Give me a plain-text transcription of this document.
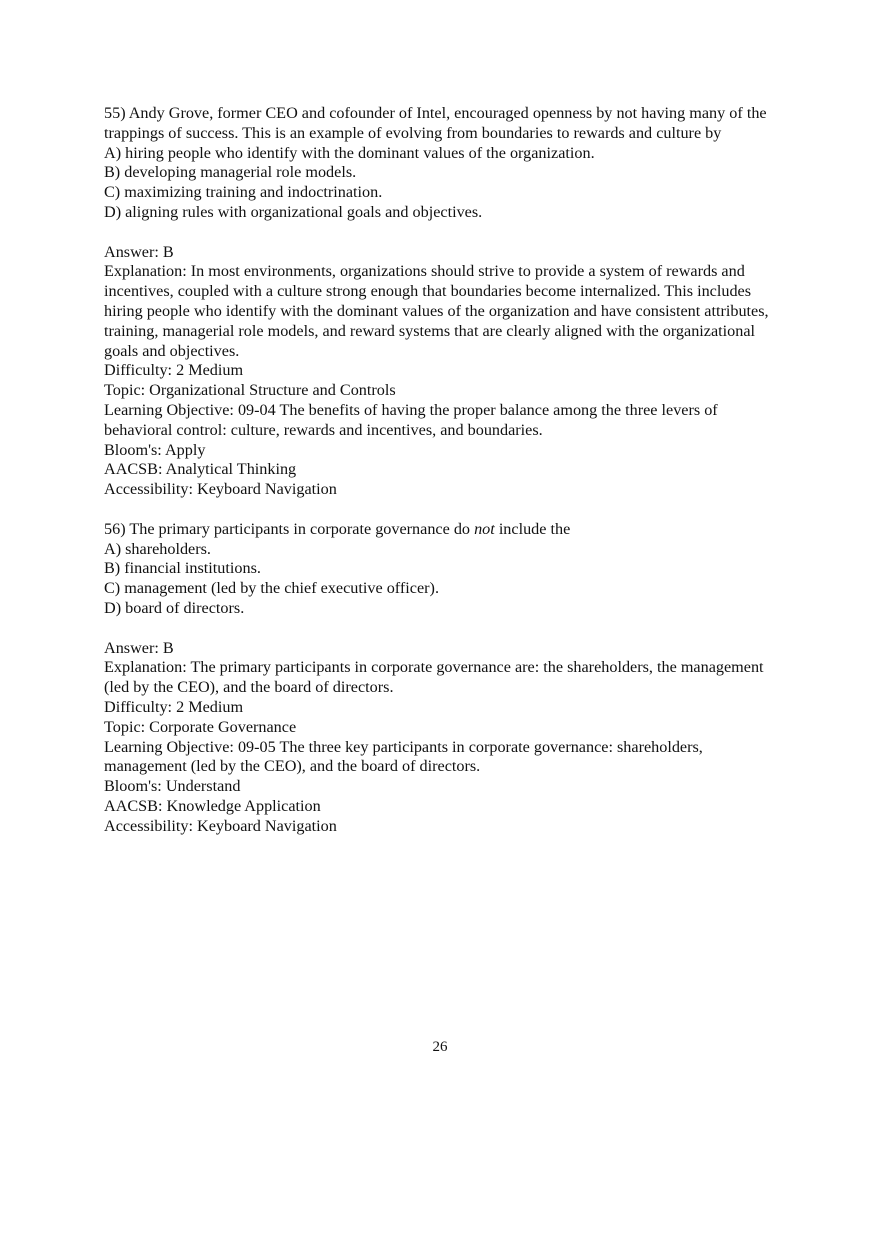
55) Andy Grove, former CEO and cofounder of Intel, encouraged openness by not having many of the trappings of success. This is an example of evolving from boundaries to rewards and culture by

A) hiring people who identify with the dominant values of the organization.

B) developing managerial role models.

C) maximizing training and indoctrination.

D) aligning rules with organizational goals and objectives.

Answer: B

Explanation: In most environments, organizations should strive to provide a system of rewards and incentives, coupled with a culture strong enough that boundaries become internalized. This includes hiring people who identify with the dominant values of the organization and have consistent attributes, training, managerial role models, and reward systems that are clearly aligned with the organizational goals and objectives.

Difficulty: 2 Medium

Topic: Organizational Structure and Controls

Learning Objective: 09-04 The benefits of having the proper balance among the three levers of behavioral control: culture, rewards and incentives, and boundaries.

Bloom's: Apply

AACSB: Analytical Thinking

Accessibility: Keyboard Navigation

56) The primary participants in corporate governance do not include the

A) shareholders.

B) financial institutions.

C) management (led by the chief executive officer).

D) board of directors.

Answer: B

Explanation: The primary participants in corporate governance are: the shareholders, the management (led by the CEO), and the board of directors.

Difficulty: 2 Medium

Topic: Corporate Governance

Learning Objective: 09-05 The three key participants in corporate governance: shareholders, management (led by the CEO), and the board of directors.

Bloom's: Understand

AACSB: Knowledge Application

Accessibility: Keyboard Navigation

26
